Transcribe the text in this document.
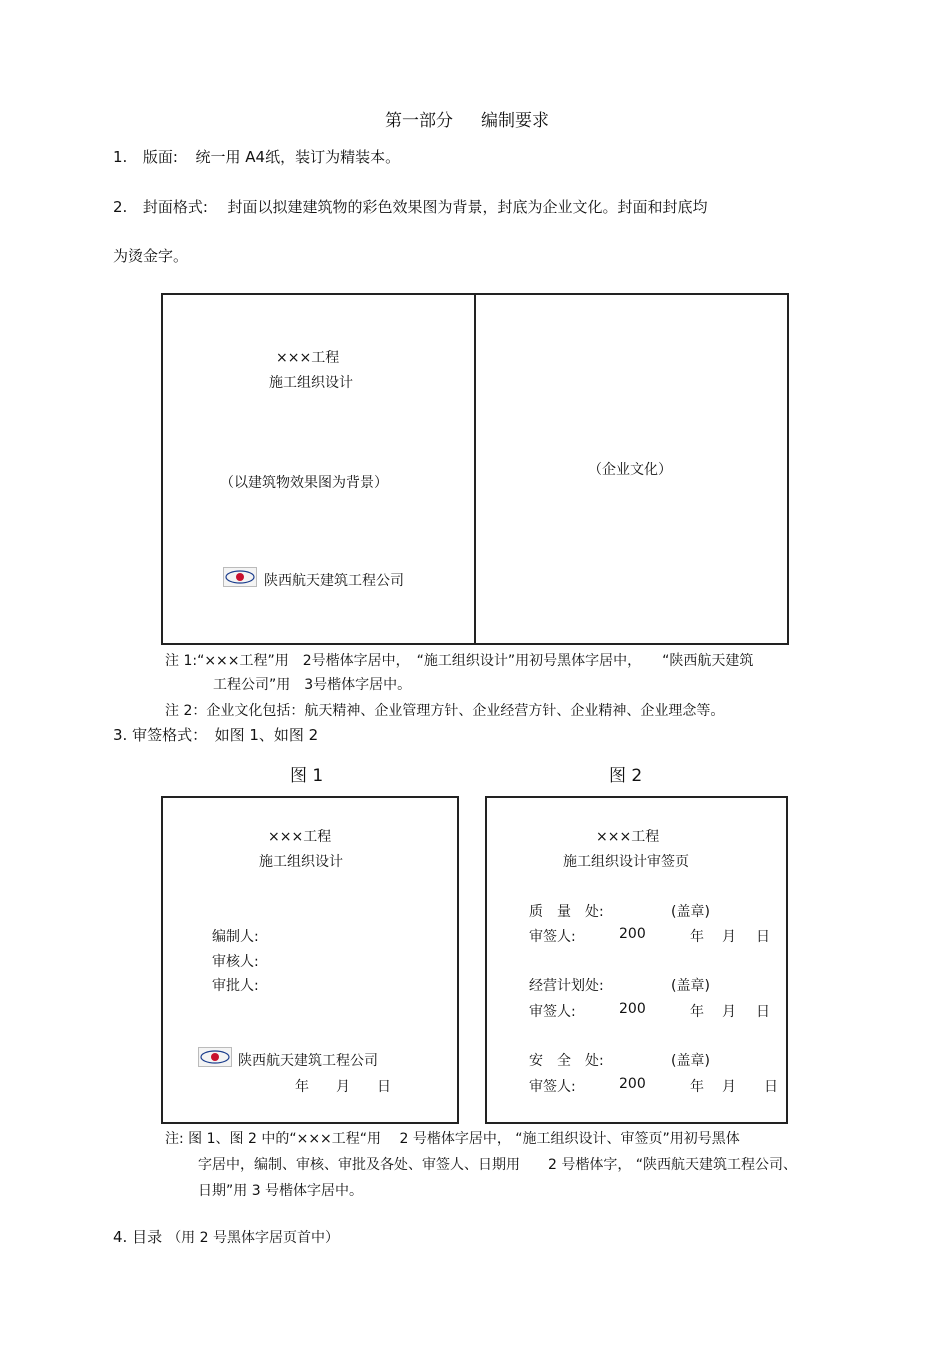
第一部分 编制要求
1. 版面: 统一用 A4纸，装订为精装本。
2. 封面格式: 封面以拟建建筑物的彩色效果图为背景，封底为企业文化。封面和封底均
为烫金字。
×××工程
施工组织设计
（以建筑物效果图为背景）
（企业文化）
陕西航天建筑工程公司
注 1:“×××工程”用　2号楷体字居中，　“施工组织设计”用初号黑体字居中，　　“陕西航天建筑
工程公司”用　3号楷体字居中。
注 2：企业文化包括：航天精神、企业管理方针、企业经营方针、企业精神、企业理念等。
3. 审签格式：　如图 1、如图 2
图 1	图 2
×××工程
施工组织设计
编制人:
审核人:
审批人:
陕西航天建筑工程公司
年 月 日
×××工程
施工组织设计审签页
质　量　处:	(盖章)
审签人:	200	年 月 日
经营计划处:	(盖章)
审签人:	200	年 月 日
安　全　处:	(盖章)
审签人:	200	年 月 日
注: 图 1、图 2 中的“×××工程“用　 2 号楷体字居中， “施工组织设计、审签页”用初号黑体
字居中，编制、审核、审批及各处、审签人、日期用　　2 号楷体字， “陕西航天建筑工程公司、
日期”用 3 号楷体字居中。
4. 目录 （用 2 号黑体字居页首中）
